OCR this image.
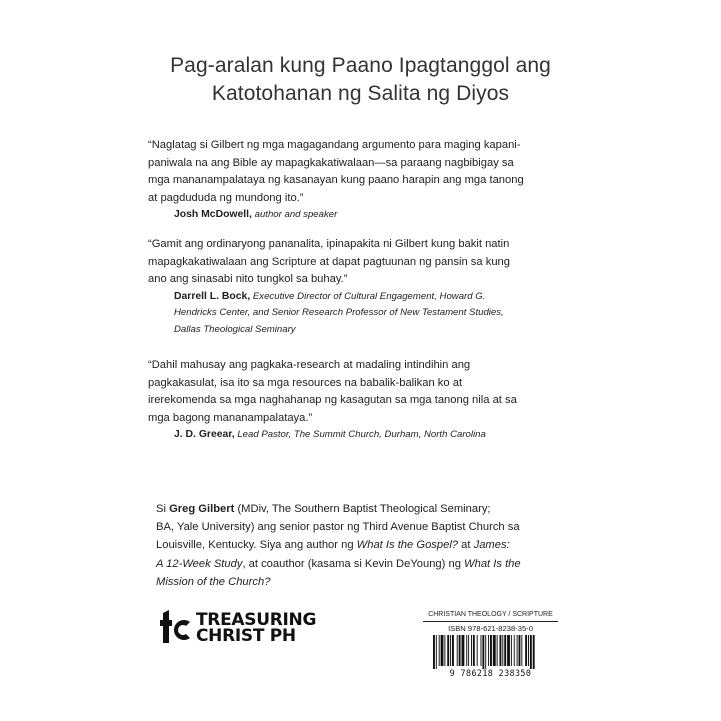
Pag-aralan kung Paano Ipagtanggol ang
Katotohanan ng Salita ng Diyos
“Naglatag si Gilbert ng mga magagandang argumento para maging kapani-
paniwala na ang Bible ay mapagkakatiwalaan—sa paraang nagbibigay sa
mga mananampalataya ng kasanayan kung paano harapin ang mga tanong
at pagdududa ng mundong ito.”
Josh McDowell, author and speaker
“Gamit ang ordinaryong pananalita, ipinapakita ni Gilbert kung bakit natin
mapagkakatiwalaan ang Scripture at dapat pagtuunan ng pansin sa kung
ano ang sinasabi nito tungkol sa buhay.”
Darrell L. Bock, Executive Director of Cultural Engagement, Howard G.
Hendricks Center, and Senior Research Professor of New Testament Studies,
Dallas Theological Seminary
“Dahil mahusay ang pagkaka-research at madaling intindihin ang
pagkakasulat, isa ito sa mga resources na babalik-balikan ko at
irerekomenda sa mga naghahanap ng kasagutan sa mga tanong nila at sa
mga bagong mananampalataya.”
J. D. Greear, Lead Pastor, The Summit Church, Durham, North Carolina
Si Greg Gilbert (MDiv, The Southern Baptist Theological Seminary;
BA, Yale University) ang senior pastor ng Third Avenue Baptist Church sa
Louisville, Kentucky. Siya ang author ng What Is the Gospel? at James:
A 12-Week Study, at coauthor (kasama si Kevin DeYoung) ng What Is the
Mission of the Church?
TREASURING
CHRIST PH
CHRISTIAN THEOLOGY / SCRIPTURE
ISBN 978-621-8238-35-0
9 786218 238350
